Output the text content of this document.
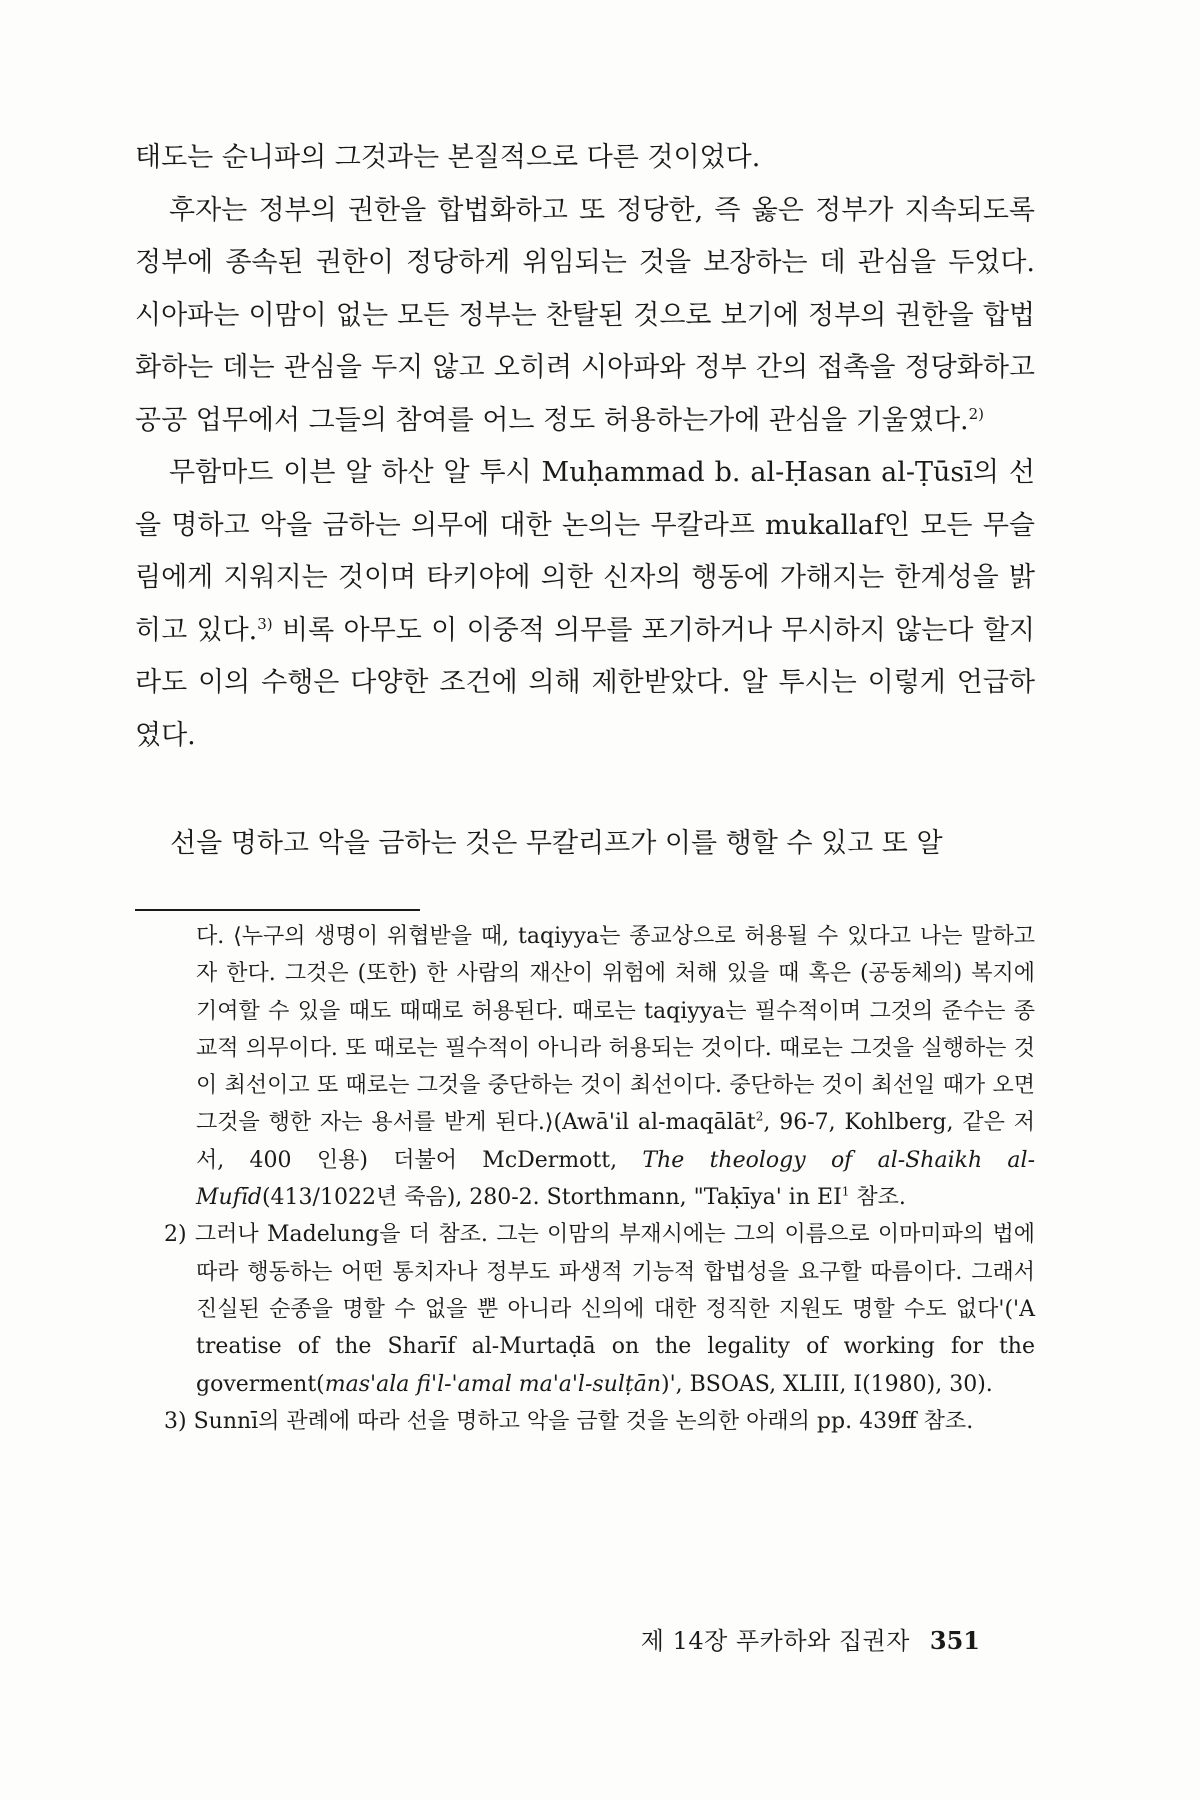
태도는 순니파의 그것과는 본질적으로 다른 것이었다.

후자는 정부의 권한을 합법화하고 또 정당한, 즉 옳은 정부가 지속되도록 정부에 종속된 권한이 정당하게 위임되는 것을 보장하는 데 관심을 두었다. 시아파는 이맘이 없는 모든 정부는 찬탈된 것으로 보기에 정부의 권한을 합법화하는 데는 관심을 두지 않고 오히려 시아파와 정부 간의 접촉을 정당화하고 공공 업무에서 그들의 참여를 어느 정도 허용하는가에 관심을 기울였다.$^{2)}$

무함마드 이븐 알 하산 알 투시 Muḥammad b. al-Ḥasan al-Ṭūsī의 선을 명하고 악을 금하는 의무에 대한 논의는 무칼라프 mukallaf인 모든 무슬림에게 지워지는 것이며 타키야에 의한 신자의 행동에 가해지는 한계성을 밝히고 있다.$^{3)}$ 비록 아무도 이 이중적 의무를 포기하거나 무시하지 않는다 할지라도 이의 수행은 다양한 조건에 의해 제한받았다. 알 투시는 이렇게 언급하였다.

선을 명하고 악을 금하는 것은 무칼리프가 이를 행할 수 있고 또 알

다. ⟨누구의 생명이 위협받을 때, taqiyya는 종교상으로 허용될 수 있다고 나는 말하고자 한다. 그것은 (또한) 한 사람의 재산이 위험에 처해 있을 때 혹은 (공동체의) 복지에 기여할 수 있을 때도 때때로 허용된다. 때로는 taqiyya는 필수적이며 그것의 준수는 종교적 의무이다. 또 때로는 필수적이 아니라 허용되는 것이다. 때로는 그것을 실행하는 것이 최선이고 또 때로는 그것을 중단하는 것이 최선이다. 중단하는 것이 최선일 때가 오면 그것을 행한 자는 용서를 받게 된다.⟩(Awā'il al-maqālāt$^2$, 96-7, Kohlberg, 같은 저서, 400 인용) 더불어 McDermott, The theology of al-Shaikh al-Mufīd(413/1022년 죽음), 280-2. Storthmann, "Taḳīya' in $EI^1$ 참조.

2) 그러나 Madelung을 더 참조. 그는 이맘의 부재시에는 그의 이름으로 이마미파의 법에 따라 행동하는 어떤 통치자나 정부도 파생적 기능적 합법성을 요구할 따름이다. 그래서 진실된 순종을 명할 수 없을 뿐 아니라 신의에 대한 정직한 지원도 명할 수도 없다'('A treatise of the Sharīf al-Murtaḍā on the legality of working for the goverment(mas'ala fi'l-'amal ma'a'l-sulṭān)', BSOAS, XLIII, I(1980), 30).

3) Sunnī의 관례에 따라 선을 명하고 악을 금할 것을 논의한 아래의 pp. 439ff 참조.

제 14장 푸카하와 집권자 351
